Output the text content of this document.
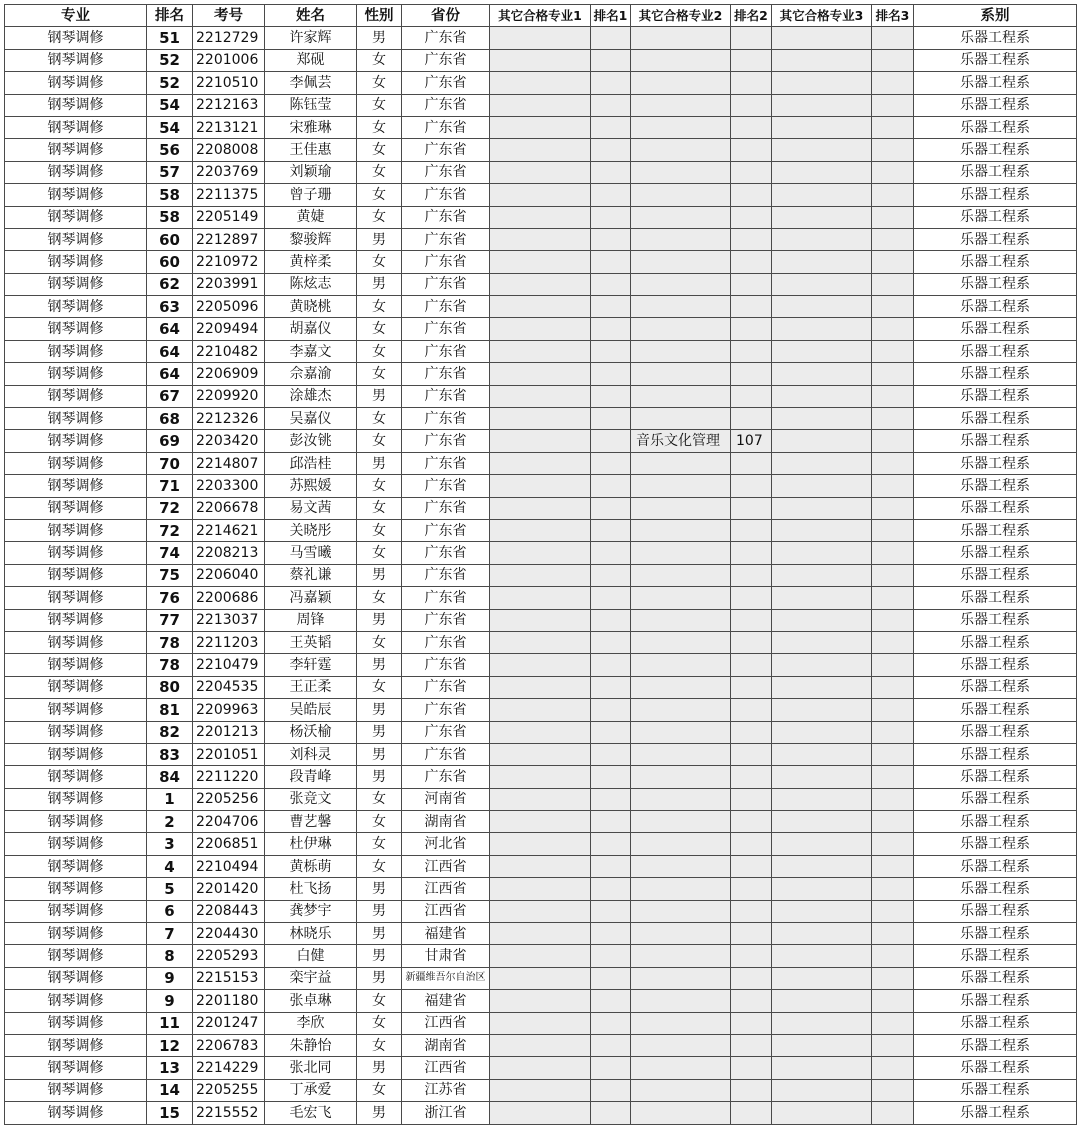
专业	排名	考号	姓名	性别	省份	其它合格专业1	排名1	其它合格专业2	排名2	其它合格专业3	排名3	系别
钢琴调修	51	2212729	许家辉	男	广东省							乐器工程系
钢琴调修	52	2201006	郑砚	女	广东省							乐器工程系
钢琴调修	52	2210510	李佩芸	女	广东省							乐器工程系
钢琴调修	54	2212163	陈钰莹	女	广东省							乐器工程系
钢琴调修	54	2213121	宋雅琳	女	广东省							乐器工程系
钢琴调修	56	2208008	王佳惠	女	广东省							乐器工程系
钢琴调修	57	2203769	刘颖瑜	女	广东省							乐器工程系
钢琴调修	58	2211375	曾子珊	女	广东省							乐器工程系
钢琴调修	58	2205149	黄婕	女	广东省							乐器工程系
钢琴调修	60	2212897	黎骏辉	男	广东省							乐器工程系
钢琴调修	60	2210972	黄梓柔	女	广东省							乐器工程系
钢琴调修	62	2203991	陈炫志	男	广东省							乐器工程系
钢琴调修	63	2205096	黄晓桃	女	广东省							乐器工程系
钢琴调修	64	2209494	胡嘉仪	女	广东省							乐器工程系
钢琴调修	64	2210482	李嘉文	女	广东省							乐器工程系
钢琴调修	64	2206909	佘嘉渝	女	广东省							乐器工程系
钢琴调修	67	2209920	涂雄杰	男	广东省							乐器工程系
钢琴调修	68	2212326	吴嘉仪	女	广东省							乐器工程系
钢琴调修	69	2203420	彭汝铫	女	广东省			音乐文化管理	107			乐器工程系
钢琴调修	70	2214807	邱浩桂	男	广东省							乐器工程系
钢琴调修	71	2203300	苏熙媛	女	广东省							乐器工程系
钢琴调修	72	2206678	易文茜	女	广东省							乐器工程系
钢琴调修	72	2214621	关晓彤	女	广东省							乐器工程系
钢琴调修	74	2208213	马雪曦	女	广东省							乐器工程系
钢琴调修	75	2206040	蔡礼谦	男	广东省							乐器工程系
钢琴调修	76	2200686	冯嘉颖	女	广东省							乐器工程系
钢琴调修	77	2213037	周锋	男	广东省							乐器工程系
钢琴调修	78	2211203	王英韬	女	广东省							乐器工程系
钢琴调修	78	2210479	李轩霆	男	广东省							乐器工程系
钢琴调修	80	2204535	王正柔	女	广东省							乐器工程系
钢琴调修	81	2209963	吴皓辰	男	广东省							乐器工程系
钢琴调修	82	2201213	杨沃榆	男	广东省							乐器工程系
钢琴调修	83	2201051	刘科灵	男	广东省							乐器工程系
钢琴调修	84	2211220	段青峰	男	广东省							乐器工程系
钢琴调修	1	2205256	张竞文	女	河南省							乐器工程系
钢琴调修	2	2204706	曹艺馨	女	湖南省							乐器工程系
钢琴调修	3	2206851	杜伊琳	女	河北省							乐器工程系
钢琴调修	4	2210494	黄栎萌	女	江西省							乐器工程系
钢琴调修	5	2201420	杜飞扬	男	江西省							乐器工程系
钢琴调修	6	2208443	龚梦宇	男	江西省							乐器工程系
钢琴调修	7	2204430	林晓乐	男	福建省							乐器工程系
钢琴调修	8	2205293	白健	男	甘肃省							乐器工程系
钢琴调修	9	2215153	栾宇益	男	新疆维吾尔自治区							乐器工程系
钢琴调修	9	2201180	张卓琳	女	福建省							乐器工程系
钢琴调修	11	2201247	李欣	女	江西省							乐器工程系
钢琴调修	12	2206783	朱静怡	女	湖南省							乐器工程系
钢琴调修	13	2214229	张北同	男	江西省							乐器工程系
钢琴调修	14	2205255	丁承爱	女	江苏省							乐器工程系
钢琴调修	15	2215552	毛宏飞	男	浙江省							乐器工程系
